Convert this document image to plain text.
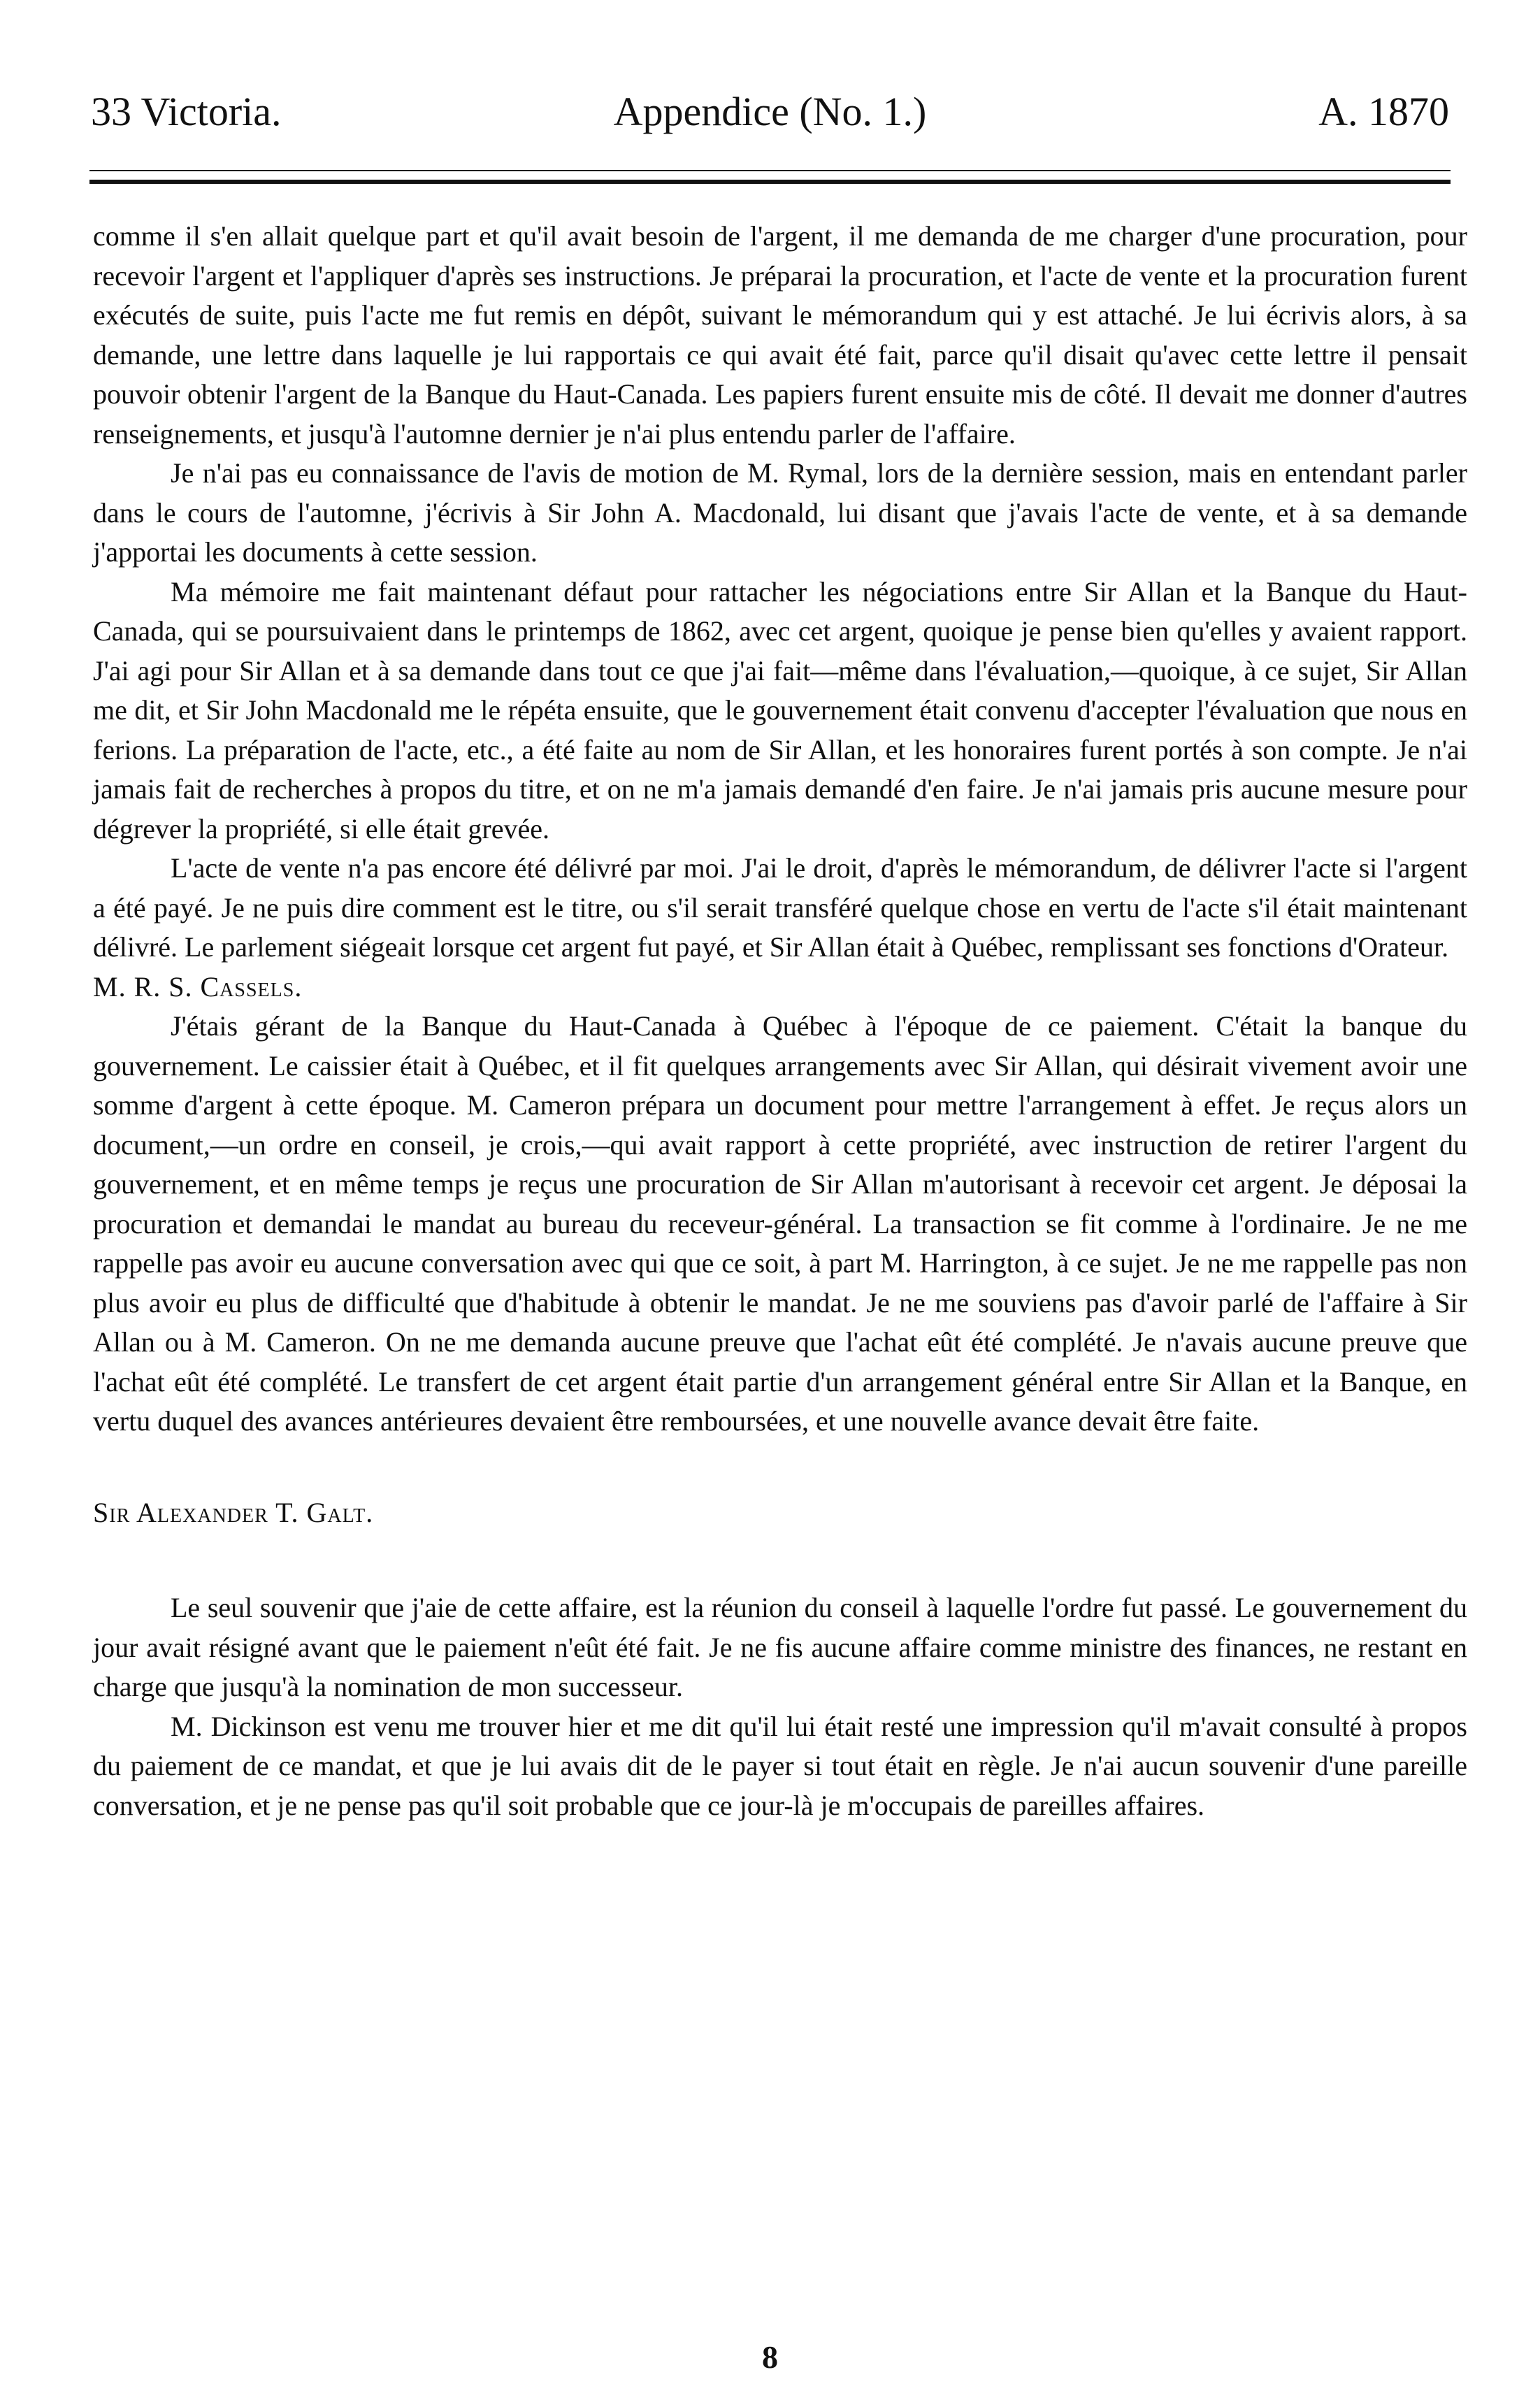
33 Victoria.	Appendice (No. 1.)	A. 1870

comme il s'en allait quelque part et qu'il avait besoin de l'argent, il me demanda de me charger d'une procuration, pour recevoir l'argent et l'appliquer d'après ses instructions. Je préparai la procuration, et l'acte de vente et la procuration furent exécutés de suite, puis l'acte me fut remis en dépôt, suivant le mémorandum qui y est attaché. Je lui écrivis alors, à sa demande, une lettre dans laquelle je lui rapportais ce qui avait été fait, parce qu'il disait qu'avec cette lettre il pensait pouvoir obtenir l'argent de la Banque du Haut-Canada. Les papiers furent ensuite mis de côté. Il devait me donner d'autres renseignements, et jusqu'à l'automne dernier je n'ai plus entendu parler de l'affaire.

Je n'ai pas eu connaissance de l'avis de motion de M. Rymal, lors de la dernière session, mais en entendant parler dans le cours de l'automne, j'écrivis à Sir John A. Macdonald, lui disant que j'avais l'acte de vente, et à sa demande j'apportai les documents à cette session.

Ma mémoire me fait maintenant défaut pour rattacher les négociations entre Sir Allan et la Banque du Haut-Canada, qui se poursuivaient dans le printemps de 1862, avec cet argent, quoique je pense bien qu'elles y avaient rapport. J'ai agi pour Sir Allan et à sa demande dans tout ce que j'ai fait—même dans l'évaluation,—quoique, à ce sujet, Sir Allan me dit, et Sir John Macdonald me le répéta ensuite, que le gouvernement était convenu d'accepter l'évaluation que nous en ferions. La préparation de l'acte, etc., a été faite au nom de Sir Allan, et les honoraires furent portés à son compte. Je n'ai jamais fait de recherches à propos du titre, et on ne m'a jamais demandé d'en faire. Je n'ai jamais pris aucune mesure pour dégrever la propriété, si elle était grevée.

L'acte de vente n'a pas encore été délivré par moi. J'ai le droit, d'après le mémorandum, de délivrer l'acte si l'argent a été payé. Je ne puis dire comment est le titre, ou s'il serait transféré quelque chose en vertu de l'acte s'il était maintenant délivré. Le parlement siégeait lorsque cet argent fut payé, et Sir Allan était à Québec, remplissant ses fonctions d'Orateur.

M. R. S. Cassels.

J'étais gérant de la Banque du Haut-Canada à Québec à l'époque de ce paiement. C'était la banque du gouvernement. Le caissier était à Québec, et il fit quelques arrangements avec Sir Allan, qui désirait vivement avoir une somme d'argent à cette époque. M. Cameron prépara un document pour mettre l'arrangement à effet. Je reçus alors un document,—un ordre en conseil, je crois,—qui avait rapport à cette propriété, avec instruction de retirer l'argent du gouvernement, et en même temps je reçus une procuration de Sir Allan m'autorisant à recevoir cet argent. Je déposai la procuration et demandai le mandat au bureau du receveur-général. La transaction se fit comme à l'ordinaire. Je ne me rappelle pas avoir eu aucune conversation avec qui que ce soit, à part M. Harrington, à ce sujet. Je ne me rappelle pas non plus avoir eu plus de difficulté que d'habitude à obtenir le mandat. Je ne me souviens pas d'avoir parlé de l'affaire à Sir Allan ou à M. Cameron. On ne me demanda aucune preuve que l'achat eût été complété. Je n'avais aucune preuve que l'achat eût été complété. Le transfert de cet argent était partie d'un arrangement général entre Sir Allan et la Banque, en vertu duquel des avances antérieures devaient être remboursées, et une nouvelle avance devait être faite.

Sir Alexander T. Galt.

Le seul souvenir que j'aie de cette affaire, est la réunion du conseil à laquelle l'ordre fut passé. Le gouvernement du jour avait résigné avant que le paiement n'eût été fait. Je ne fis aucune affaire comme ministre des finances, ne restant en charge que jusqu'à la nomination de mon successeur.

M. Dickinson est venu me trouver hier et me dit qu'il lui était resté une impression qu'il m'avait consulté à propos du paiement de ce mandat, et que je lui avais dit de le payer si tout était en règle. Je n'ai aucun souvenir d'une pareille conversation, et je ne pense pas qu'il soit probable que ce jour-là je m'occupais de pareilles affaires.

8
